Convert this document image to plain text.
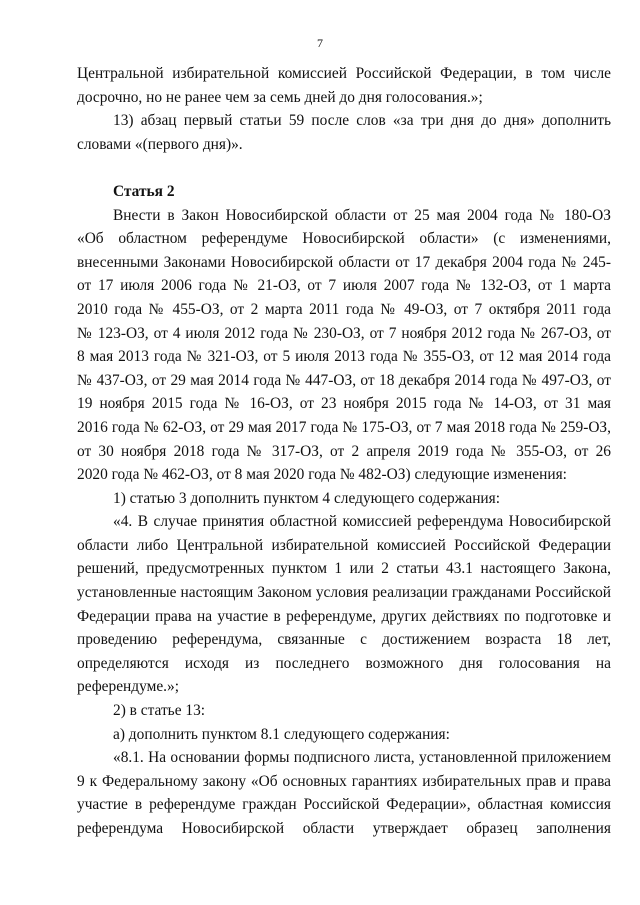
7
Центральной избирательной комиссией Российской Федерации, в том числе
досрочно, но не ранее чем за семь дней до дня голосования.»;
13) абзац первый статьи 59 после слов «за три дня до дня» дополнить
словами «(первого дня)».
Статья 2
Внести в Закон Новосибирской области от 25 мая 2004 года № 180-ОЗ
«Об областном референдуме Новосибирской области» (с изменениями,
внесенными Законами Новосибирской области от 17 декабря 2004 года № 245-
от 17 июля 2006 года № 21-ОЗ, от 7 июля 2007 года № 132-ОЗ, от 1 марта
2010 года № 455-ОЗ, от 2 марта 2011 года № 49-ОЗ, от 7 октября 2011 года
№ 123-ОЗ, от 4 июля 2012 года № 230-ОЗ, от 7 ноября 2012 года № 267-ОЗ, от
8 мая 2013 года № 321-ОЗ, от 5 июля 2013 года № 355-ОЗ, от 12 мая 2014 года
№ 437-ОЗ, от 29 мая 2014 года № 447-ОЗ, от 18 декабря 2014 года № 497-ОЗ, от
19 ноября 2015 года № 16-ОЗ, от 23 ноября 2015 года № 14-ОЗ, от 31 мая
2016 года № 62-ОЗ, от 29 мая 2017 года № 175-ОЗ, от 7 мая 2018 года № 259-ОЗ,
от 30 ноября 2018 года № 317-ОЗ, от 2 апреля 2019 года № 355-ОЗ, от 26
2020 года № 462-ОЗ, от 8 мая 2020 года № 482-ОЗ) следующие изменения:
1) статью 3 дополнить пунктом 4 следующего содержания:
«4. В случае принятия областной комиссией референдума Новосибирской
области либо Центральной избирательной комиссией Российской Федерации
решений, предусмотренных пунктом 1 или 2 статьи 43.1 настоящего Закона,
установленные настоящим Законом условия реализации гражданами Российской
Федерации права на участие в референдуме, других действиях по подготовке и
проведению референдума, связанные с достижением возраста 18 лет,
определяются исходя из последнего возможного дня голосования на
референдуме.»;
2) в статье 13:
а) дополнить пунктом 8.1 следующего содержания:
«8.1. На основании формы подписного листа, установленной приложением
9 к Федеральному закону «Об основных гарантиях избирательных прав и права
участие в референдуме граждан Российской Федерации», областная комиссия
референдума Новосибирской области утверждает образец заполнения
